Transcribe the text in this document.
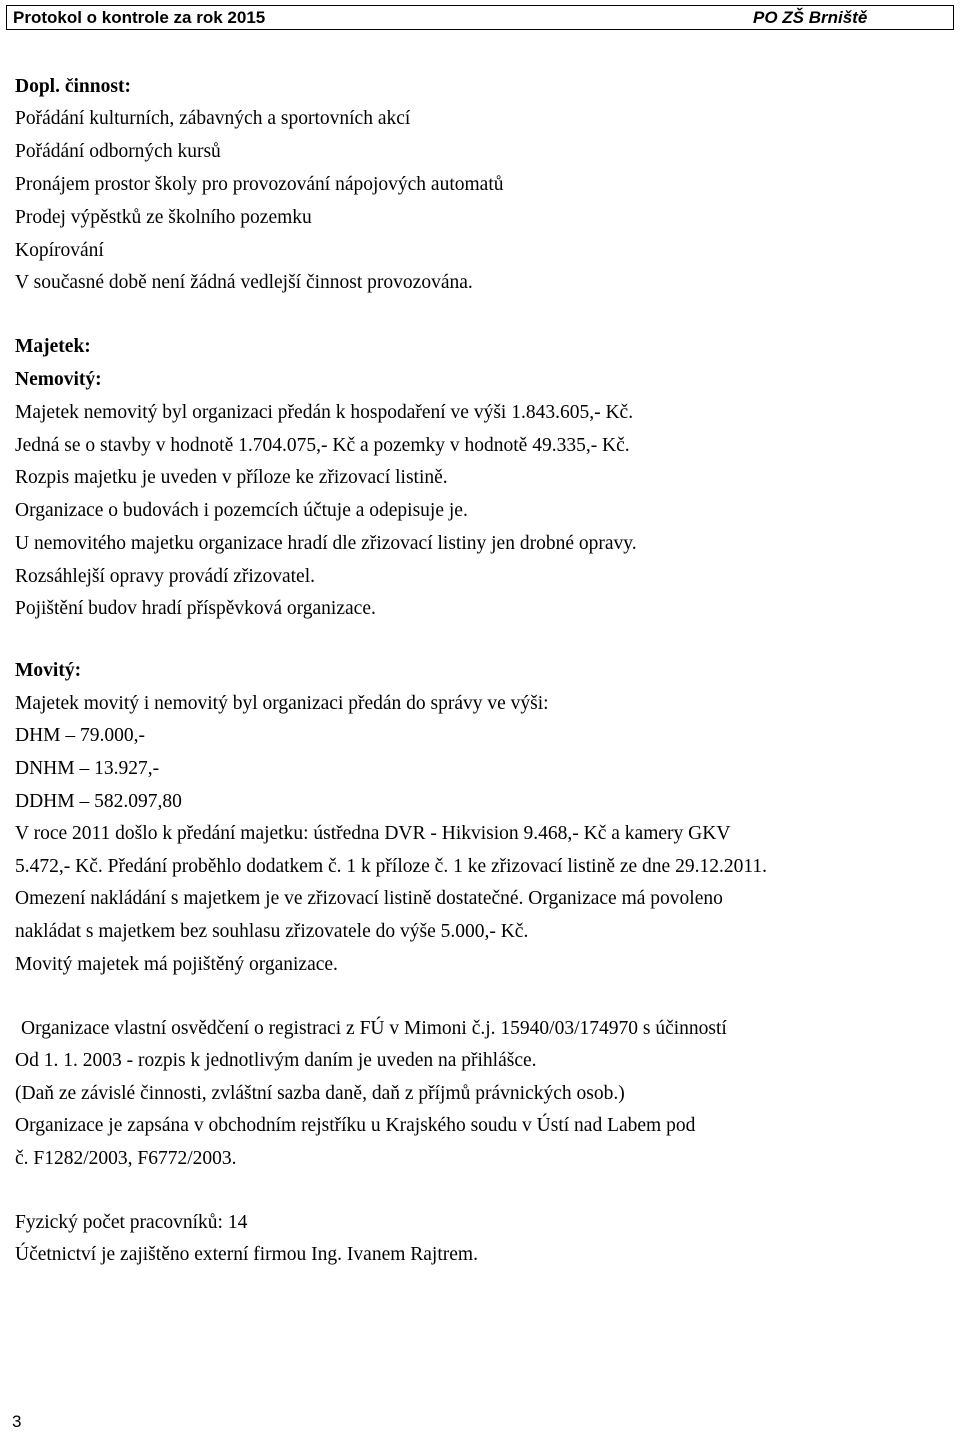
Protokol o kontrole za rok 2015	PO ZŠ Brniště
Dopl. činnost:
Pořádání kulturních, zábavných a sportovních akcí
Pořádání odborných kursů
Pronájem prostor školy pro provozování nápojových automatů
Prodej výpěstků ze školního pozemku
Kopírování
V současné době není žádná vedlejší činnost provozována.
Majetek:
Nemovitý:
Majetek nemovitý byl organizaci předán k hospodaření ve výši 1.843.605,- Kč.
Jedná se o stavby v hodnotě 1.704.075,- Kč a pozemky v hodnotě 49.335,- Kč.
Rozpis majetku je uveden v příloze ke zřizovací listině.
Organizace o budovách i pozemcích účtuje a odepisuje je.
U nemovitého majetku organizace hradí dle zřizovací listiny jen drobné opravy.
Rozsáhlejší opravy provádí zřizovatel.
Pojištění budov hradí příspěvková organizace.
Movitý:
Majetek movitý i nemovitý byl organizaci předán do správy ve výši:
DHM – 79.000,-
DNHM – 13.927,-
DDHM – 582.097,80
V roce 2011 došlo k předání majetku: ústředna DVR - Hikvision 9.468,- Kč a kamery GKV
5.472,- Kč. Předání proběhlo dodatkem č. 1 k příloze č. 1 ke zřizovací listině ze dne 29.12.2011.
Omezení nakládání s majetkem je ve zřizovací listině dostatečné. Organizace má povoleno
nakládat s majetkem bez souhlasu zřizovatele do výše 5.000,- Kč.
Movitý majetek má pojištěný organizace.
Organizace vlastní osvědčení o registraci z FÚ v Mimoni č.j. 15940/03/174970 s účinností
Od 1. 1. 2003 - rozpis k jednotlivým daním je uveden na přihlášce.
(Daň ze závislé činnosti, zvláštní sazba daně, daň z příjmů právnických osob.)
Organizace je zapsána v obchodním rejstříku u Krajského soudu v Ústí nad Labem pod
č. F1282/2003, F6772/2003.
Fyzický počet pracovníků: 14
Účetnictví je zajištěno externí firmou Ing. Ivanem Rajtrem.
3
